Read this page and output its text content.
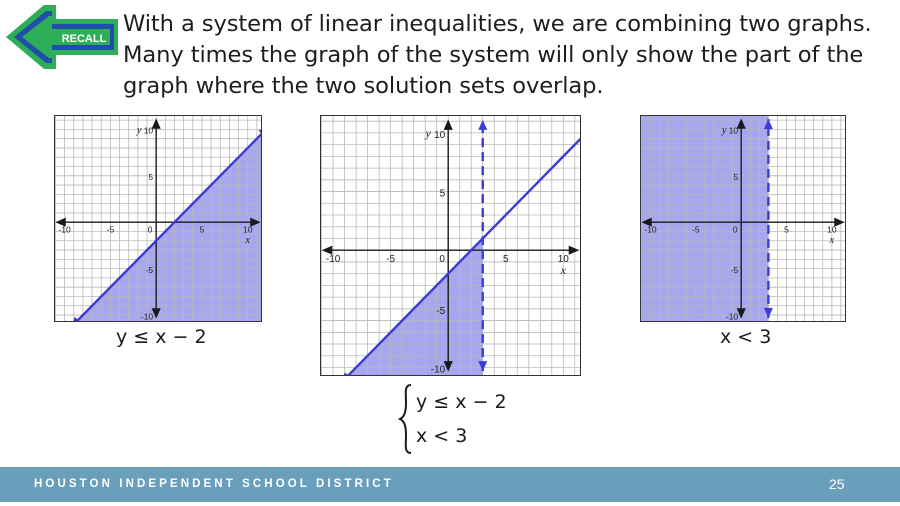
RECALL
With a system of linear inequalities, we are combining two graphs. Many times the graph of the system will only show the part of the graph where the two solution sets overlap.
-10	-5	0	5	10
10
5
-5
-10
x
y
y ≤ x − 2
-10	-5	0	5	10
10
5
-5
-10
x
y
-10	-5	0	5	10
10
5
-5
-10
x
y
x < 3
y ≤ x − 2
x < 3
HOUSTON INDEPENDENT SCHOOL DISTRICT	25
